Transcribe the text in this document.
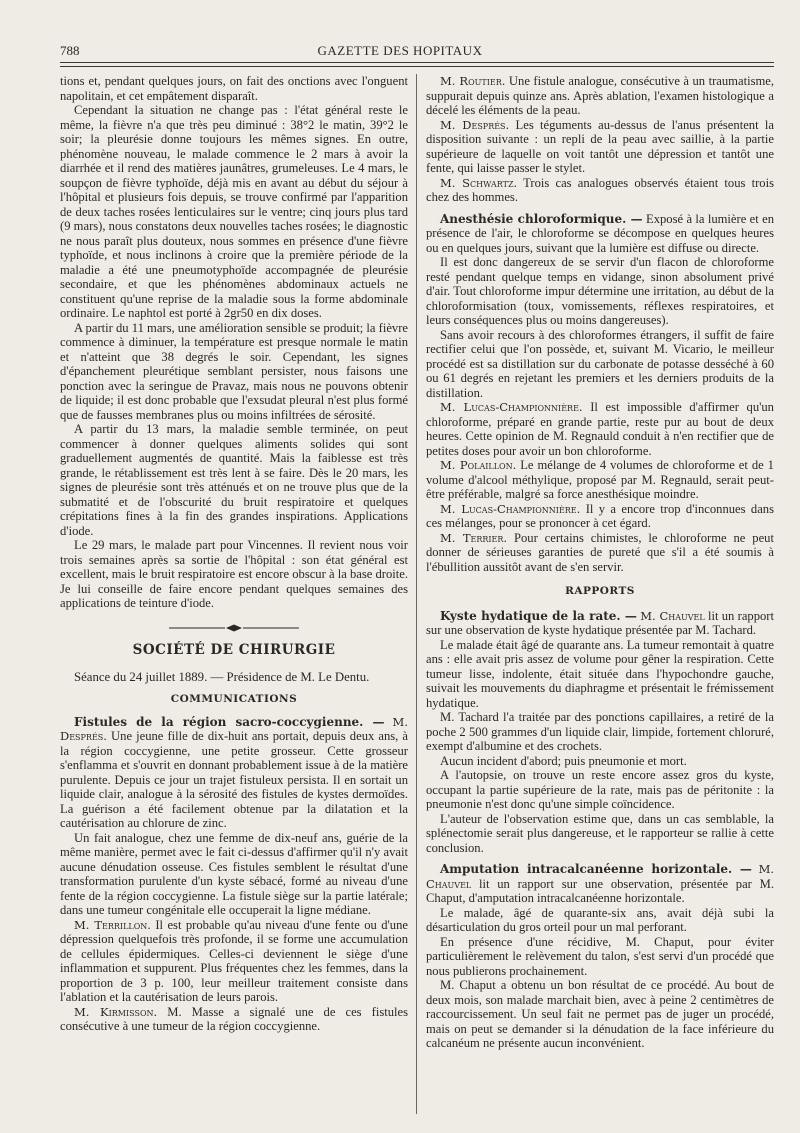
788	GAZETTE DES HOPITAUX

tions et, pendant quelques jours, on fait des onctions avec l'onguent napolitain, et cet empâtement disparaît.

Cependant la situation ne change pas : l'état général reste le même, la fièvre n'a que très peu diminué : 38°2 le matin, 39°2 le soir; la pleurésie donne toujours les mêmes signes. En outre, phénomène nouveau, le malade commence le 2 mars à avoir la diarrhée et il rend des matières jaunâtres, grumeleuses. Le 4 mars, le soupçon de fièvre typhoïde, déjà mis en avant au début du séjour à l'hôpital et plusieurs fois depuis, se trouve confirmé par l'apparition de deux taches rosées lenticulaires sur le ventre; cinq jours plus tard (9 mars), nous constatons deux nouvelles taches rosées; le diagnostic ne nous paraît plus douteux, nous sommes en présence d'une fièvre typhoïde, et nous inclinons à croire que la première période de la maladie a été une pneumotyphoïde accompagnée de pleurésie secondaire, et que les phénomènes abdominaux actuels ne constituent qu'une reprise de la maladie sous la forme abdominale ordinaire. Le naphtol est porté à 2gr50 en dix doses.

A partir du 11 mars, une amélioration sensible se produit; la fièvre commence à diminuer, la température est presque normale le matin et n'atteint que 38 degrés le soir. Cependant, les signes d'épanchement pleurétique semblant persister, nous faisons une ponction avec la seringue de Pravaz, mais nous ne pouvons obtenir de liquide; il est donc probable que l'exsudat pleural n'est plus formé que de fausses membranes plus ou moins infiltrées de sérosité.

A partir du 13 mars, la maladie semble terminée, on peut commencer à donner quelques aliments solides qui sont graduellement augmentés de quantité. Mais la faiblesse est très grande, le rétablissement est très lent à se faire. Dès le 20 mars, les signes de pleurésie sont très atténués et on ne trouve plus que de la submatité et de l'obscurité du bruit respiratoire et quelques crépitations fines à la fin des grandes inspirations. Applications d'iode.

Le 29 mars, le malade part pour Vincennes. Il revient nous voir trois semaines après sa sortie de l'hôpital : son état général est excellent, mais le bruit respiratoire est encore obscur à la base droite. Je lui conseille de faire encore pendant quelques semaines des applications de teinture d'iode.

SOCIÉTÉ DE CHIRURGIE
Séance du 24 juillet 1889. — Présidence de M. Le Dentu.
COMMUNICATIONS

Fistules de la région sacro-coccygienne. — M. Després. Une jeune fille de dix-huit ans portait, depuis deux ans, à la région coccygienne, une petite grosseur. Cette grosseur s'enflamma et s'ouvrit en donnant probablement issue à de la matière purulente. Depuis ce jour un trajet fistuleux persista. Il en sortait un liquide clair, analogue à la sérosité des fistules de kystes dermoïdes. La guérison a été facilement obtenue par la dilatation et la cautérisation au chlorure de zinc.

Un fait analogue, chez une femme de dix-neuf ans, guérie de la même manière, permet avec le fait ci-dessus d'affirmer qu'il n'y avait aucune dénudation osseuse. Ces fistules semblent le résultat d'une transformation purulente d'un kyste sébacé, formé au niveau d'une fente de la région coccygienne. La fistule siège sur la partie latérale; dans une tumeur congénitale elle occuperait la ligne médiane.

M. Terrillon. Il est probable qu'au niveau d'une fente ou d'une dépression quelquefois très profonde, il se forme une accumulation de cellules épidermiques. Celles-ci deviennent le siège d'une inflammation et suppurent. Plus fréquentes chez les femmes, dans la proportion de 3 p. 100, leur meilleur traitement consiste dans l'ablation et la cautérisation de leurs parois.

M. Kirmisson. M. Masse a signalé une de ces fistules consécutive à une tumeur de la région coccygienne.

M. Routier. Une fistule analogue, consécutive à un traumatisme, suppurait depuis quinze ans. Après ablation, l'examen histologique a décelé les éléments de la peau.

M. Després. Les téguments au-dessus de l'anus présentent la disposition suivante : un repli de la peau avec saillie, à la partie supérieure de laquelle on voit tantôt une dépression et tantôt une fente, qui laisse passer le stylet.

M. Schwartz. Trois cas analogues observés étaient tous trois chez des hommes.

Anesthésie chloroformique. — Exposé à la lumière et en présence de l'air, le chloroforme se décompose en quelques heures ou en quelques jours, suivant que la lumière est diffuse ou directe.

Il est donc dangereux de se servir d'un flacon de chloroforme resté pendant quelque temps en vidange, sinon absolument privé d'air. Tout chloroforme impur détermine une irritation, au début de la chloroformisation (toux, vomissements, réflexes respiratoires, et leurs conséquences plus ou moins dangereuses).

Sans avoir recours à des chloroformes étrangers, il suffit de faire rectifier celui que l'on possède, et, suivant M. Vicario, le meilleur procédé est sa distillation sur du carbonate de potasse desséché à 60 ou 61 degrés en rejetant les premiers et les derniers produits de la distillation.

M. Lucas-Championnière. Il est impossible d'affirmer qu'un chloroforme, préparé en grande partie, reste pur au bout de deux heures. Cette opinion de M. Regnauld conduit à n'en rectifier que de petites doses pour avoir un bon chloroforme.

M. Polaillon. Le mélange de 4 volumes de chloroforme et de 1 volume d'alcool méthylique, proposé par M. Regnauld, serait peut-être préférable, malgré sa force anesthésique moindre.

M. Lucas-Championnière. Il y a encore trop d'inconnues dans ces mélanges, pour se prononcer à cet égard.

M. Terrier. Pour certains chimistes, le chloroforme ne peut donner de sérieuses garanties de pureté que s'il a été soumis à l'ébullition aussitôt avant de s'en servir.

RAPPORTS

Kyste hydatique de la rate. — M. Chauvel lit un rapport sur une observation de kyste hydatique présentée par M. Tachard.

Le malade était âgé de quarante ans. La tumeur remontait à quatre ans : elle avait pris assez de volume pour gêner la respiration. Cette tumeur lisse, indolente, était située dans l'hypochondre gauche, suivait les mouvements du diaphragme et présentait le frémissement hydatique.

M. Tachard l'a traitée par des ponctions capillaires, a retiré de la poche 2 500 grammes d'un liquide clair, limpide, fortement chloruré, exempt d'albumine et des crochets.

Aucun incident d'abord; puis pneumonie et mort.

A l'autopsie, on trouve un reste encore assez gros du kyste, occupant la partie supérieure de la rate, mais pas de péritonite : la pneumonie n'est donc qu'une simple coïncidence.

L'auteur de l'observation estime que, dans un cas semblable, la splénectomie serait plus dangereuse, et le rapporteur se rallie à cette conclusion.

Amputation intracalcanéenne horizontale. — M. Chauvel lit un rapport sur une observation, présentée par M. Chaput, d'amputation intracalcanéenne horizontale.

Le malade, âgé de quarante-six ans, avait déjà subi la désarticulation du gros orteil pour un mal perforant.

En présence d'une récidive, M. Chaput, pour éviter particulièrement le relèvement du talon, s'est servi d'un procédé que nous publierons prochainement.

M. Chaput a obtenu un bon résultat de ce procédé. Au bout de deux mois, son malade marchait bien, avec à peine 2 centimètres de raccourcissement. Un seul fait ne permet pas de juger un procédé, mais on peut se demander si la dénudation de la face inférieure du calcanéum ne présente aucun inconvénient.
